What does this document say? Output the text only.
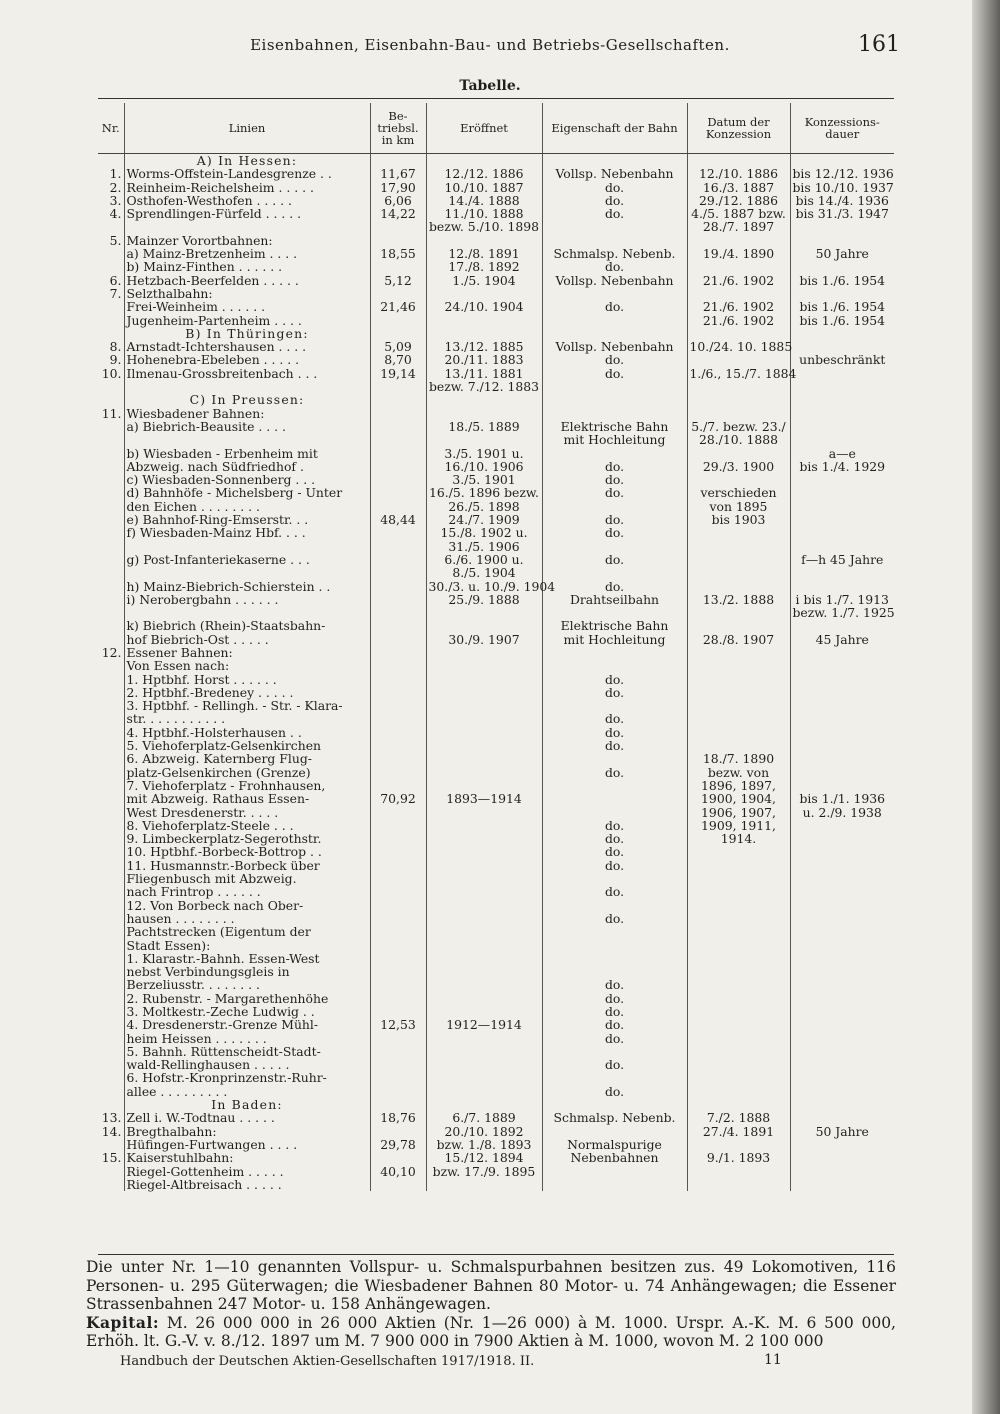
Eisenbahnen, Eisenbahn-Bau- und Betriebs-Gesellschaften.	161
Tabelle.
Nr.	Linien	Be-triebsl. in km	Eröffnet	Eigenschaft der Bahn	Datum der Konzession	Konzessions-dauer
	A) In Hessen:					
1.	Worms-Offstein-Landesgrenze . .	11,67	12./12. 1886	Vollsp. Nebenbahn	12./10. 1886	bis 12./12. 1936
2.	Reinheim-Reichelsheim . . . . .	17,90	10./10. 1887	do.	16./3. 1887	bis 10./10. 1937
3.	Osthofen-Westhofen . . . . .	6,06	14./4. 1888	do.	29./12. 1886	bis 14./4. 1936
4.	Sprendlingen-Fürfeld . . . . .	14,22	11./10. 1888	do.	4./5. 1887 bzw.	bis 31./3. 1947
			bezw. 5./10. 1898		28./7. 1897	
5.	Mainzer Vorortbahnen:					
	a) Mainz-Bretzenheim . . . .	18,55	12./8. 1891	Schmalsp. Nebenb.	19./4. 1890	50 Jahre
	b) Mainz-Finthen . . . . . .		17./8. 1892	do.		
6.	Hetzbach-Beerfelden . . . . .	5,12	1./5. 1904	Vollsp. Nebenbahn	21./6. 1902	bis 1./6. 1954
7.	Selzthalbahn:					
	Frei-Weinheim . . . . . .	21,46	24./10. 1904	do.	21./6. 1902	bis 1./6. 1954
	Jugenheim-Partenheim . . . .				21./6. 1902	bis 1./6. 1954
	B) In Thüringen:					
8.	Arnstadt-Ichtershausen . . . .	5,09	13./12. 1885	Vollsp. Nebenbahn	10./24. 10. 1885	
9.	Hohenebra-Ebeleben . . . . .	8,70	20./11. 1883	do.		unbeschränkt
10.	Ilmenau-Grossbreitenbach . . .	19,14	13./11. 1881	do.	1./6., 15./7. 1884	
			bezw. 7./12. 1883			
	C) In Preussen:					
11.	Wiesbadener Bahnen:					
	a) Biebrich-Beausite . . . .		18./5. 1889	Elektrische Bahn	5./7. bezw. 23./	
				mit Hochleitung	28./10. 1888	
	b) Wiesbaden - Erbenheim mit		3./5. 1901 u.			a—e
	Abzweig. nach Südfriedhof .		16./10. 1906	do.	29./3. 1900	bis 1./4. 1929
	c) Wiesbaden-Sonnenberg . . .		3./5. 1901	do.		
	d) Bahnhöfe - Michelsberg - Unter		16./5. 1896 bezw.	do.	verschieden	
	den Eichen . . . . . . . .		26./5. 1898		von 1895	
	e) Bahnhof-Ring-Emserstr. . .	48,44	24./7. 1909	do.	bis 1903	
	f) Wiesbaden-Mainz Hbf. . . .		15./8. 1902 u.	do.		
			31./5. 1906			
	g) Post-Infanteriekaserne . . .		6./6. 1900 u.	do.		f—h 45 Jahre
			8./5. 1904			
	h) Mainz-Biebrich-Schierstein . .		30./3. u. 10./9. 1904	do.		
	i) Nerobergbahn . . . . . .		25./9. 1888	Drahtseilbahn	13./2. 1888	i bis 1./7. 1913
						bezw. 1./7. 1925
	k) Biebrich (Rhein)-Staatsbahn-			Elektrische Bahn		
	hof Biebrich-Ost . . . . .		30./9. 1907	mit Hochleitung	28./8. 1907	45 Jahre
12.	Essener Bahnen:					
	Von Essen nach:					
	1. Hptbhf. Horst . . . . . .			do.		
	2. Hptbhf.-Bredeney . . . . .			do.		
	3. Hptbhf. - Rellingh. - Str. - Klara-					
	str. . . . . . . . . . .			do.		
	4. Hptbhf.-Holsterhausen . .			do.		
	5. Viehoferplatz-Gelsenkirchen			do.		
	6. Abzweig. Katernberg Flug-				18./7. 1890	
	platz-Gelsenkirchen (Grenze)			do.	bezw. von	
	7. Viehoferplatz - Frohnhausen,				1896, 1897,	
	mit Abzweig. Rathaus Essen-	70,92	1893—1914		1900, 1904,	bis 1./1. 1936
	West Dresdenerstr. . . . .				1906, 1907,	u. 2./9. 1938
	8. Viehoferplatz-Steele . . .			do.	1909, 1911,	
	9. Limbeckerplatz-Segerothstr.			do.	1914.	
	10. Hptbhf.-Borbeck-Bottrop . .			do.		
	11. Husmannstr.-Borbeck über			do.		
	Fliegenbusch mit Abzweig.					
	nach Frintrop . . . . . .			do.		
	12. Von Borbeck nach Ober-					
	hausen . . . . . . . .			do.		
	Pachtstrecken (Eigentum der					
	Stadt Essen):					
	1. Klarastr.-Bahnh. Essen-West					
	nebst Verbindungsgleis in					
	Berzeliusstr. . . . . . . .			do.		
	2. Rubenstr. - Margarethenhöhe			do.		
	3. Moltkestr.-Zeche Ludwig . .			do.		
	4. Dresdenerstr.-Grenze Mühl-	12,53	1912—1914	do.		
	heim Heissen . . . . . . .			do.		
	5. Bahnh. Rüttenscheidt-Stadt-					
	wald-Rellinghausen . . . . .			do.		
	6. Hofstr.-Kronprinzenstr.-Ruhr-					
	allee . . . . . . . . .			do.		
	In Baden:					
13.	Zell i. W.-Todtnau . . . . .	18,76	6./7. 1889	Schmalsp. Nebenb.	7./2. 1888	
14.	Bregthalbahn:		20./10. 1892		27./4. 1891	50 Jahre
	Hüfingen-Furtwangen . . . .	29,78	bzw. 1./8. 1893	Normalspurige		
15.	Kaiserstuhlbahn:		15./12. 1894	Nebenbahnen	9./1. 1893	
	Riegel-Gottenheim . . . . .	40,10	bzw. 17./9. 1895			
	Riegel-Altbreisach . . . . .					

Die unter Nr. 1—10 genannten Vollspur- u. Schmalspurbahnen besitzen zus. 49 Lokomotiven, 116 Personen- u. 295 Güterwagen; die Wiesbadener Bahnen 80 Motor- u. 74 Anhängewagen; die Essener Strassenbahnen 247 Motor- u. 158 Anhängewagen.

Kapital: M. 26 000 000 in 26 000 Aktien (Nr. 1—26 000) à M. 1000. Urspr. A.-K. M. 6 500 000, Erhöh. lt. G.-V. v. 8./12. 1897 um M. 7 900 000 in 7900 Aktien à M. 1000, wovon M. 2 100 000

Handbuch der Deutschen Aktien-Gesellschaften 1917/1918. II.	11
